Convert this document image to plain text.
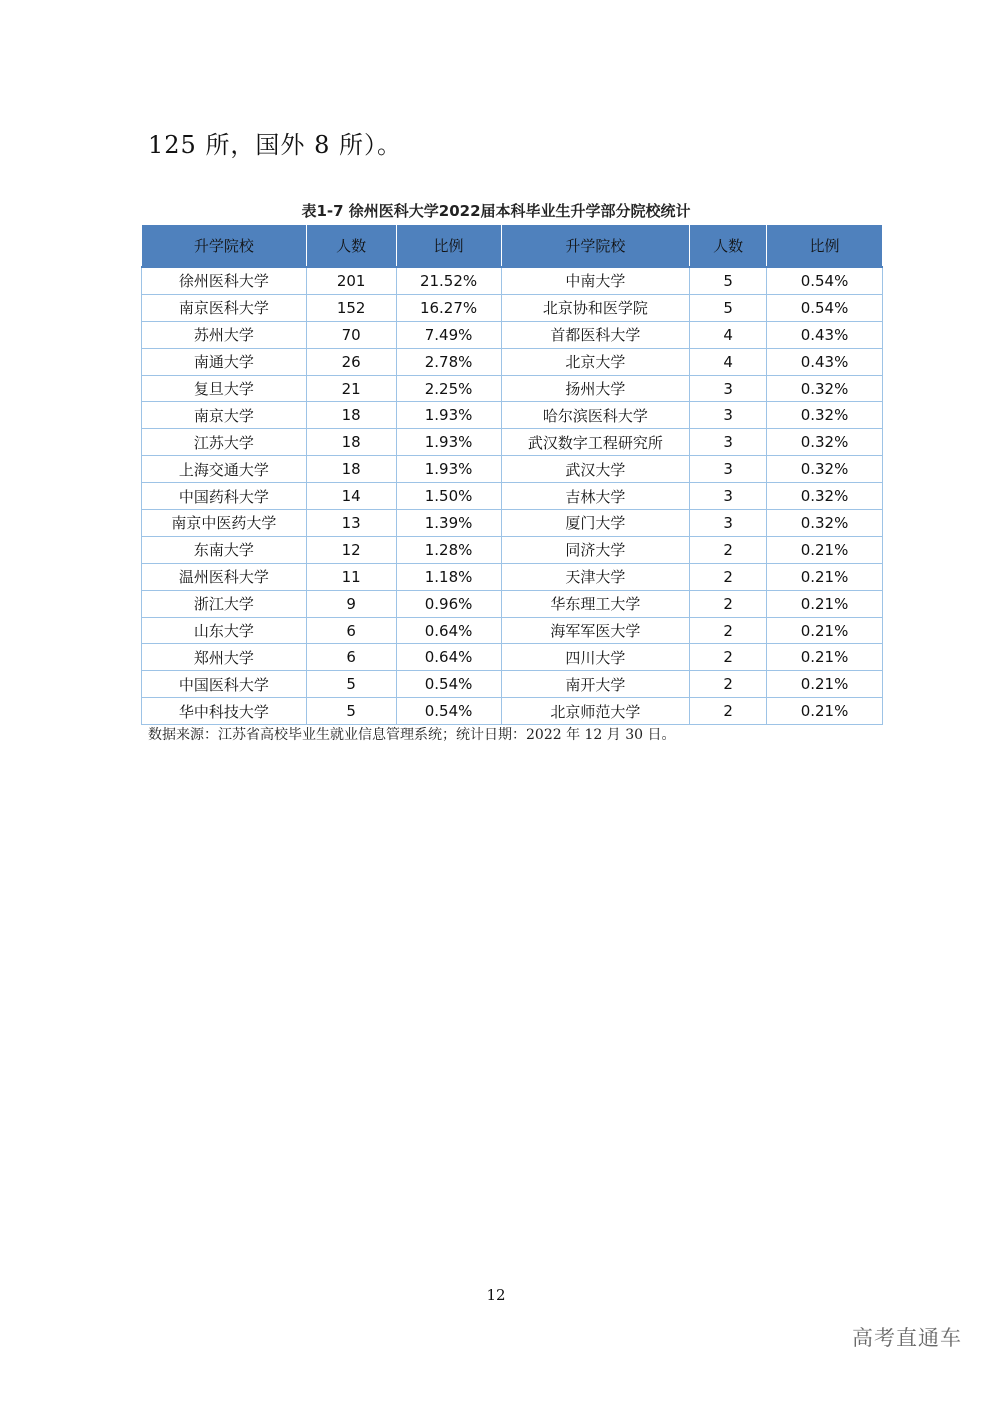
125 所，国外 8 所）。
表1-7 徐州医科大学2022届本科毕业生升学部分院校统计
升学院校	人数	比例	升学院校	人数	比例
徐州医科大学	201	21.52%	中南大学	5	0.54%
南京医科大学	152	16.27%	北京协和医学院	5	0.54%
苏州大学	70	7.49%	首都医科大学	4	0.43%
南通大学	26	2.78%	北京大学	4	0.43%
复旦大学	21	2.25%	扬州大学	3	0.32%
南京大学	18	1.93%	哈尔滨医科大学	3	0.32%
江苏大学	18	1.93%	武汉数字工程研究所	3	0.32%
上海交通大学	18	1.93%	武汉大学	3	0.32%
中国药科大学	14	1.50%	吉林大学	3	0.32%
南京中医药大学	13	1.39%	厦门大学	3	0.32%
东南大学	12	1.28%	同济大学	2	0.21%
温州医科大学	11	1.18%	天津大学	2	0.21%
浙江大学	9	0.96%	华东理工大学	2	0.21%
山东大学	6	0.64%	海军军医大学	2	0.21%
郑州大学	6	0.64%	四川大学	2	0.21%
中国医科大学	5	0.54%	南开大学	2	0.21%
华中科技大学	5	0.54%	北京师范大学	2	0.21%
数据来源：江苏省高校毕业生就业信息管理系统；统计日期：2022 年 12 月 30 日。
12
高考直通车
